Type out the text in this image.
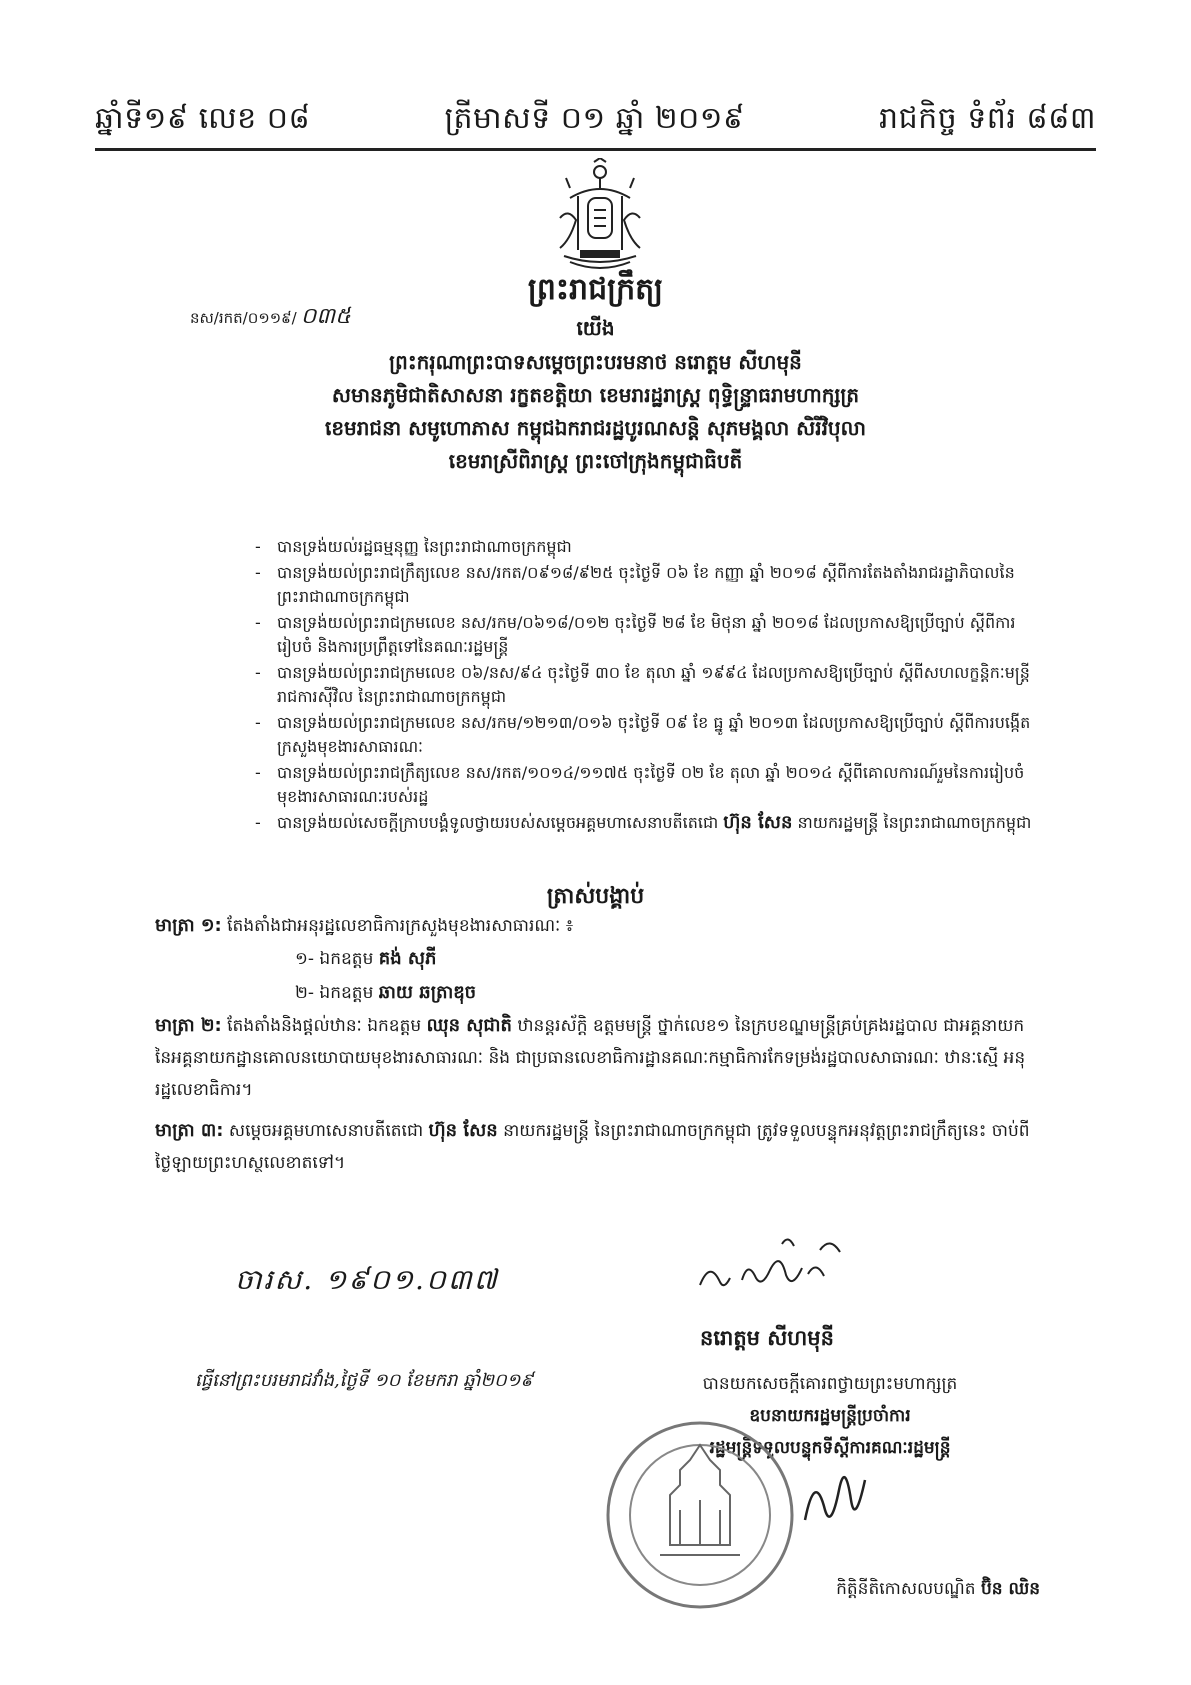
ឆ្នាំទី១៩ លេខ ០៨	ត្រីមាសទី ០១ ឆ្នាំ ២០១៩	រាជកិច្ច ទំព័រ ៨៨៣
ព្រះរាជក្រឹត្យ
នស/រកត/០១១៩/ ០៣៥	យើង
ព្រះករុណាព្រះបាទសម្ដេចព្រះបរមនាថ នរោត្តម សីហមុនី
សមានភូមិជាតិសាសនា រក្ខតខត្តិយា ខេមរារដ្ឋរាស្ត្រ ពុទ្ធិន្ទ្រាធរាមហាក្សត្រ
ខេមរាជនា សមូហោភាស កម្ពុជឯករាជរដ្ឋបូរណសន្តិ សុភមង្គលា សិរីវិបុលា
ខេមរាស្រីពិរាស្ត្រ ព្រះចៅក្រុងកម្ពុជាធិបតី
- បានទ្រង់យល់រដ្ឋធម្មនុញ្ញ នៃព្រះរាជាណាចក្រកម្ពុជា
- បានទ្រង់យល់ព្រះរាជក្រឹត្យលេខ នស/រកត/០៩១៨/៩២៥ ចុះថ្ងៃទី ០៦ ខែ កញ្ញា ឆ្នាំ ២០១៨ ស្ដីពីការតែងតាំងរាជរដ្ឋាភិបាលនៃព្រះរាជាណាចក្រកម្ពុជា
- បានទ្រង់យល់ព្រះរាជក្រមលេខ នស/រកម/០៦១៨/០១២ ចុះថ្ងៃទី ២៨ ខែ មិថុនា ឆ្នាំ ២០១៨ ដែលប្រកាសឱ្យប្រើច្បាប់ ស្ដីពីការរៀបចំ និងការប្រព្រឹត្តទៅនៃគណៈរដ្ឋមន្ត្រី
- បានទ្រង់យល់ព្រះរាជក្រមលេខ ០៦/នស/៩៤ ចុះថ្ងៃទី ៣០ ខែ តុលា ឆ្នាំ ១៩៩៤ ដែលប្រកាសឱ្យប្រើច្បាប់ ស្ដីពីសហលក្ខន្តិកៈមន្ត្រីរាជការស៊ីវិល នៃព្រះរាជាណាចក្រកម្ពុជា
- បានទ្រង់យល់ព្រះរាជក្រមលេខ នស/រកម/១២១៣/០១៦ ចុះថ្ងៃទី ០៩ ខែ ធ្នូ ឆ្នាំ ២០១៣ ដែលប្រកាសឱ្យប្រើច្បាប់ ស្ដីពីការបង្កើតក្រសួងមុខងារសាធារណៈ
- បានទ្រង់យល់ព្រះរាជក្រឹត្យលេខ នស/រកត/១០១៤/១១៧៥ ចុះថ្ងៃទី ០២ ខែ តុលា ឆ្នាំ ២០១៤ ស្ដីពីគោលការណ៍រួមនៃការរៀបចំមុខងារសាធារណៈរបស់រដ្ឋ
- បានទ្រង់យល់សេចក្ដីក្រាបបង្គំទូលថ្វាយរបស់សម្ដេចអគ្គមហាសេនាបតីតេជោ ហ៊ុន សែន នាយករដ្ឋមន្ត្រី នៃព្រះរាជាណាចក្រកម្ពុជា
ត្រាស់បង្គាប់
មាត្រា ១: តែងតាំងជាអនុរដ្ឋលេខាធិការក្រសួងមុខងារសាធារណៈ ៖
១- ឯកឧត្ដម គង់ សុភី
២- ឯកឧត្ដម ឆាយ ឆត្រាឌុច
មាត្រា ២: តែងតាំងនិងផ្ដល់ឋានៈ ឯកឧត្ដម ឈុន សុជាតិ ឋានន្តរស័ក្តិ ឧត្តមមន្ត្រី ថ្នាក់លេខ១ នៃក្របខណ្ឌមន្ត្រីគ្រប់គ្រងរដ្ឋបាល ជាអគ្គនាយកនៃអគ្គនាយកដ្ឋានគោលនយោបាយមុខងារសាធារណៈ និង ជាប្រធានលេខាធិការដ្ឋានគណៈកម្មាធិការកែទម្រង់រដ្ឋបាលសាធារណៈ ឋានៈស្មើ អនុរដ្ឋលេខាធិការ។
មាត្រា ៣: សម្ដេចអគ្គមហាសេនាបតីតេជោ ហ៊ុន សែន នាយករដ្ឋមន្ត្រី នៃព្រះរាជាណាចក្រកម្ពុជា ត្រូវទទួលបន្ទុកអនុវត្តព្រះរាជក្រឹត្យនេះ ចាប់ពីថ្ងៃឡាយព្រះហស្ថលេខាតទៅ។
ចារស. ១៩០១.០៣៧
ធ្វើនៅព្រះបរមរាជវាំង,ថ្ងៃទី ១០ ខែមករា ឆ្នាំ២០១៩
នរោត្តម សីហមុនី
បានយកសេចក្ដីគោរពថ្វាយព្រះមហាក្សត្រ
ឧបនាយករដ្ឋមន្ត្រីប្រចាំការ
រដ្ឋមន្ត្រីទទួលបន្ទុកទីស្ដីការគណៈរដ្ឋមន្ត្រី
កិត្តិនីតិកោសលបណ្ឌិត ប៊ិន ឈិន
